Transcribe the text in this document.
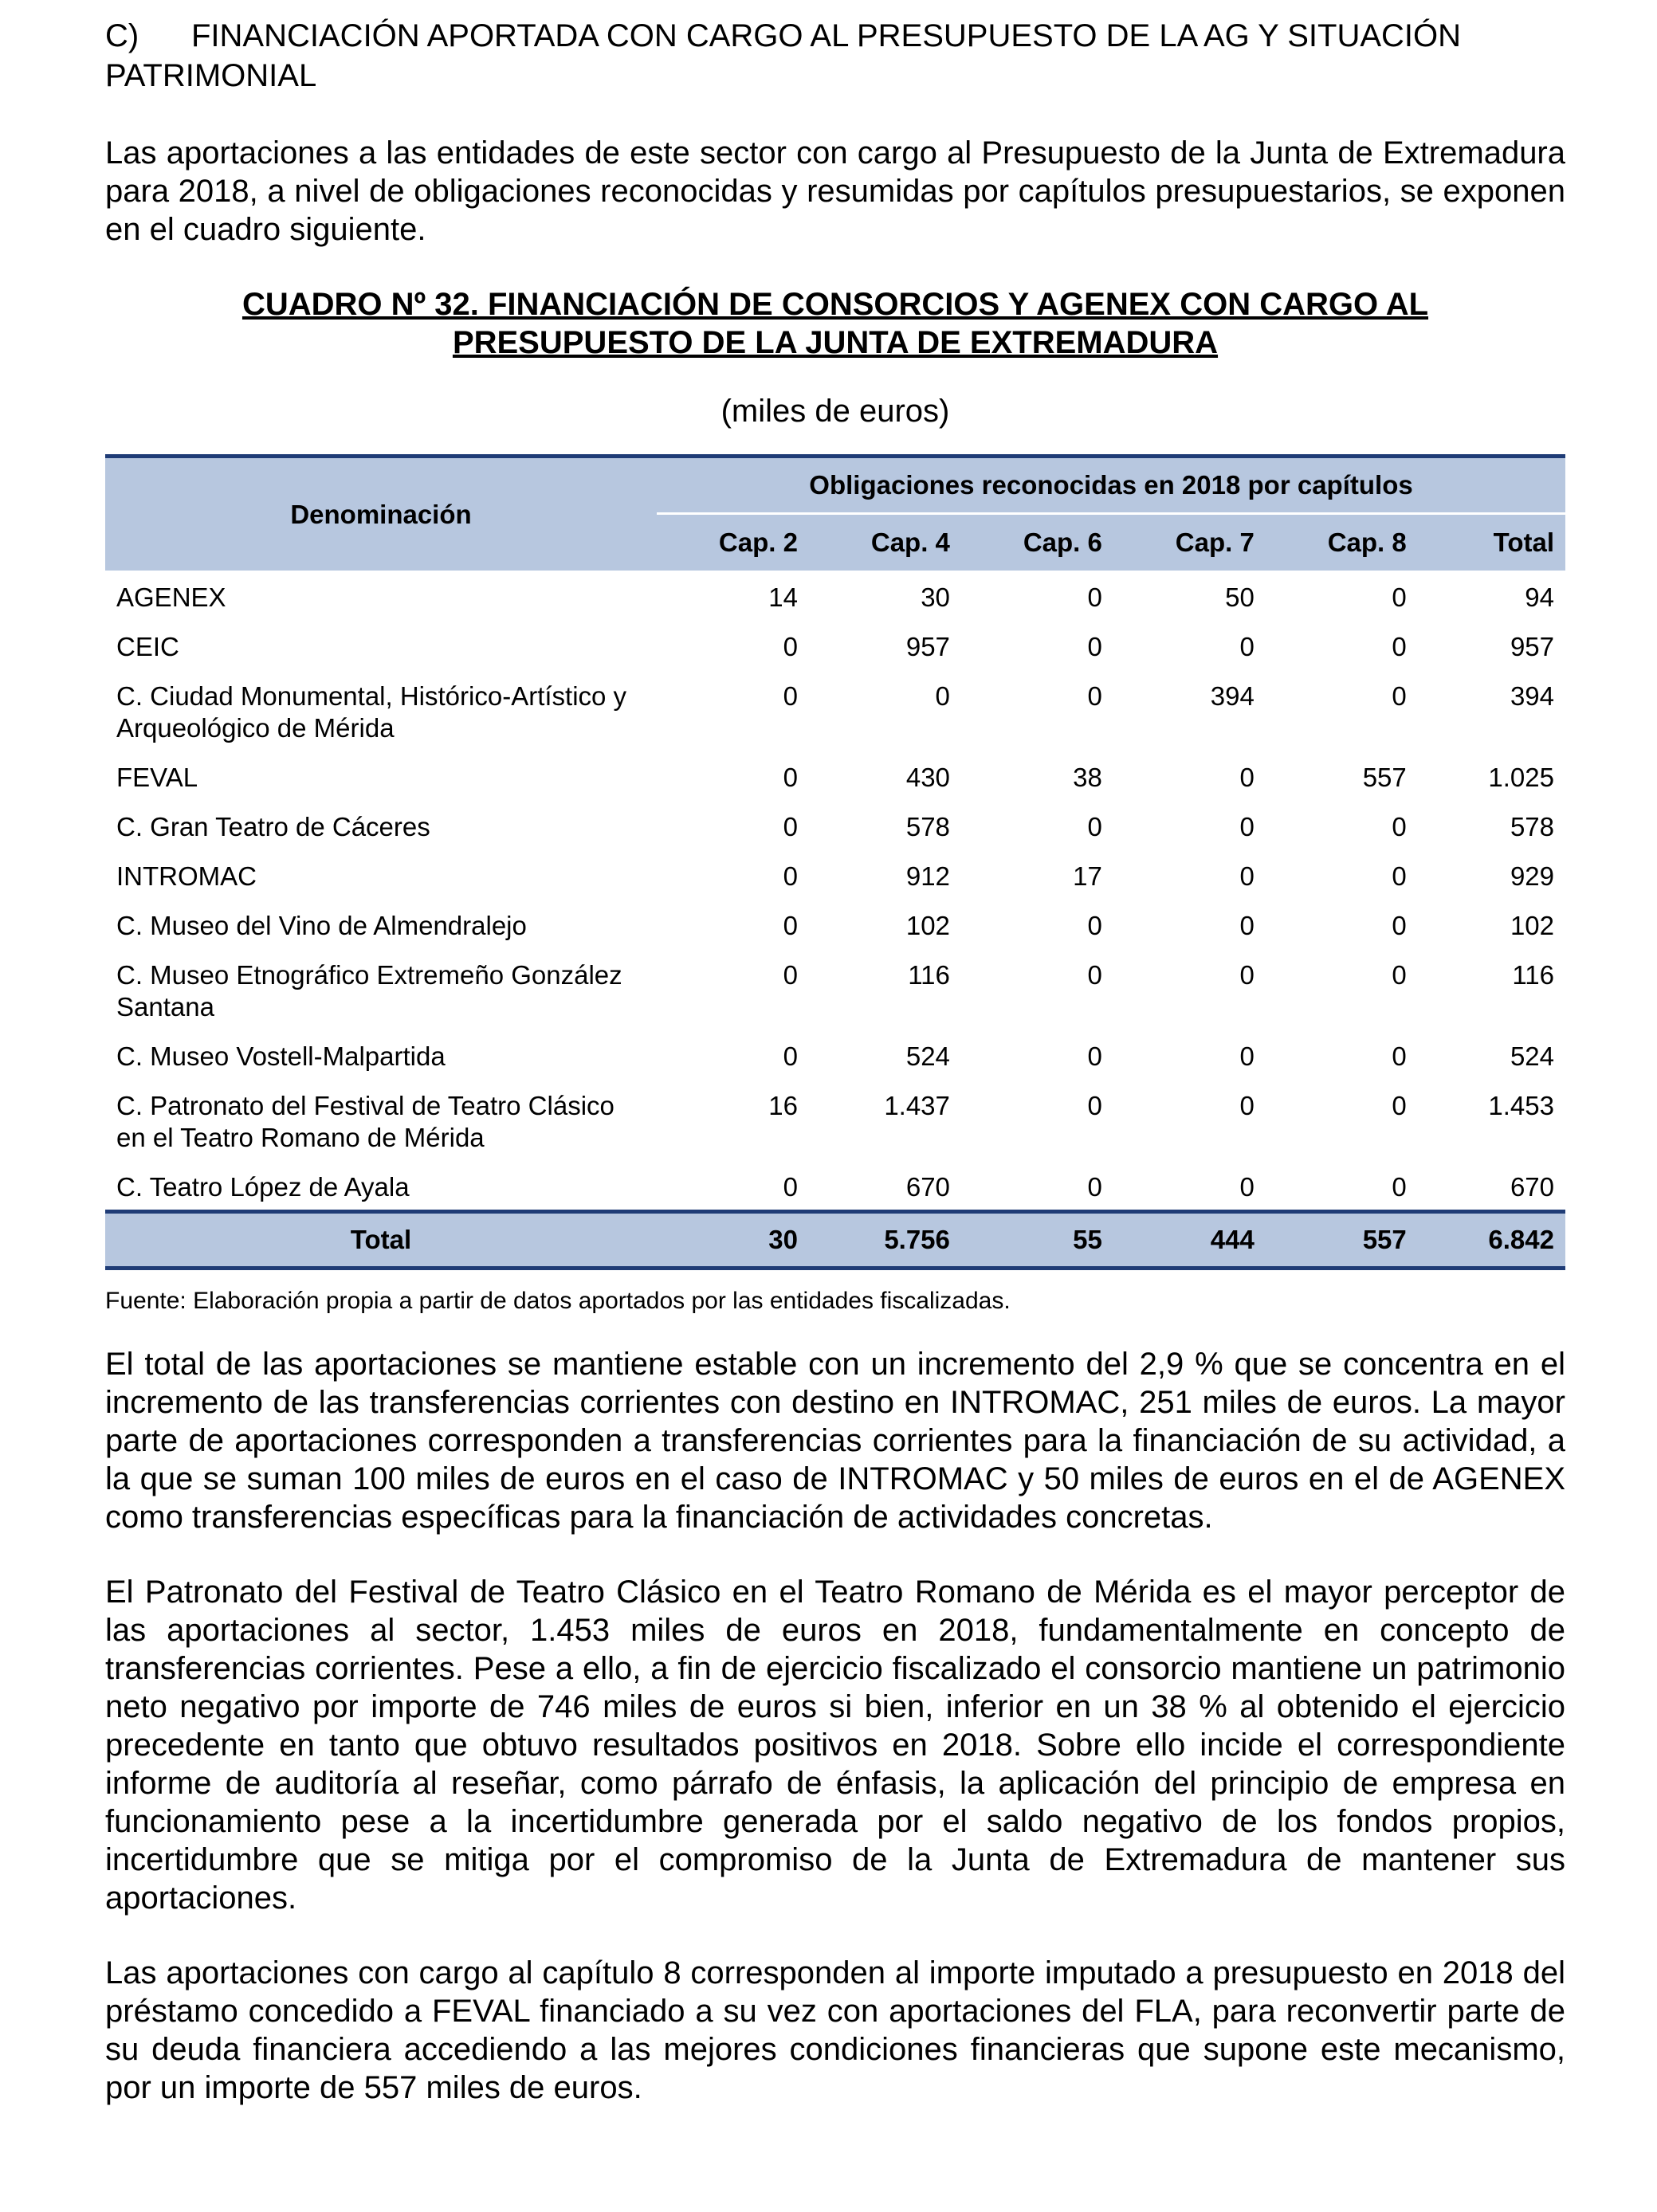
C) FINANCIACIÓN APORTADA CON CARGO AL PRESUPUESTO DE LA AG Y SITUACIÓN PATRIMONIAL

Las aportaciones a las entidades de este sector con cargo al Presupuesto de la Junta de Extremadura para 2018, a nivel de obligaciones reconocidas y resumidas por capítulos presupuestarios, se exponen en el cuadro siguiente.

CUADRO Nº 32. FINANCIACIÓN DE CONSORCIOS Y AGENEX CON CARGO AL
PRESUPUESTO DE LA JUNTA DE EXTREMADURA
(miles de euros)
Denominación	Obligaciones reconocidas en 2018 por capítulos					
	Cap. 2	Cap. 4	Cap. 6	Cap. 7	Cap. 8	Total
AGENEX	14	30	0	50	0	94
CEIC	0	957	0	0	0	957
C. Ciudad Monumental, Histórico-Artístico y Arqueológico de Mérida	0	0	0	394	0	394
FEVAL	0	430	38	0	557	1.025
C. Gran Teatro de Cáceres	0	578	0	0	0	578
INTROMAC	0	912	17	0	0	929
C. Museo del Vino de Almendralejo	0	102	0	0	0	102
C. Museo Etnográfico Extremeño González Santana	0	116	0	0	0	116
C. Museo Vostell-Malpartida	0	524	0	0	0	524
C. Patronato del Festival de Teatro Clásico en el Teatro Romano de Mérida	16	1.437	0	0	0	1.453
C. Teatro López de Ayala	0	670	0	0	0	670
Total	30	5.756	55	444	557	6.842
Fuente: Elaboración propia a partir de datos aportados por las entidades fiscalizadas.

El total de las aportaciones se mantiene estable con un incremento del 2,9 % que se concentra en el incremento de las transferencias corrientes con destino en INTROMAC, 251 miles de euros. La mayor parte de aportaciones corresponden a transferencias corrientes para la financiación de su actividad, a la que se suman 100 miles de euros en el caso de INTROMAC y 50 miles de euros en el de AGENEX como transferencias específicas para la financiación de actividades concretas.

El Patronato del Festival de Teatro Clásico en el Teatro Romano de Mérida es el mayor perceptor de las aportaciones al sector, 1.453 miles de euros en 2018, fundamentalmente en concepto de transferencias corrientes. Pese a ello, a fin de ejercicio fiscalizado el consorcio mantiene un patrimonio neto negativo por importe de 746 miles de euros si bien, inferior en un 38 % al obtenido el ejercicio precedente en tanto que obtuvo resultados positivos en 2018. Sobre ello incide el correspondiente informe de auditoría al reseñar, como párrafo de énfasis, la aplicación del principio de empresa en funcionamiento pese a la incertidumbre generada por el saldo negativo de los fondos propios, incertidumbre que se mitiga por el compromiso de la Junta de Extremadura de mantener sus aportaciones.

Las aportaciones con cargo al capítulo 8 corresponden al importe imputado a presupuesto en 2018 del préstamo concedido a FEVAL financiado a su vez con aportaciones del FLA, para reconvertir parte de su deuda financiera accediendo a las mejores condiciones financieras que supone este mecanismo, por un importe de 557 miles de euros.
